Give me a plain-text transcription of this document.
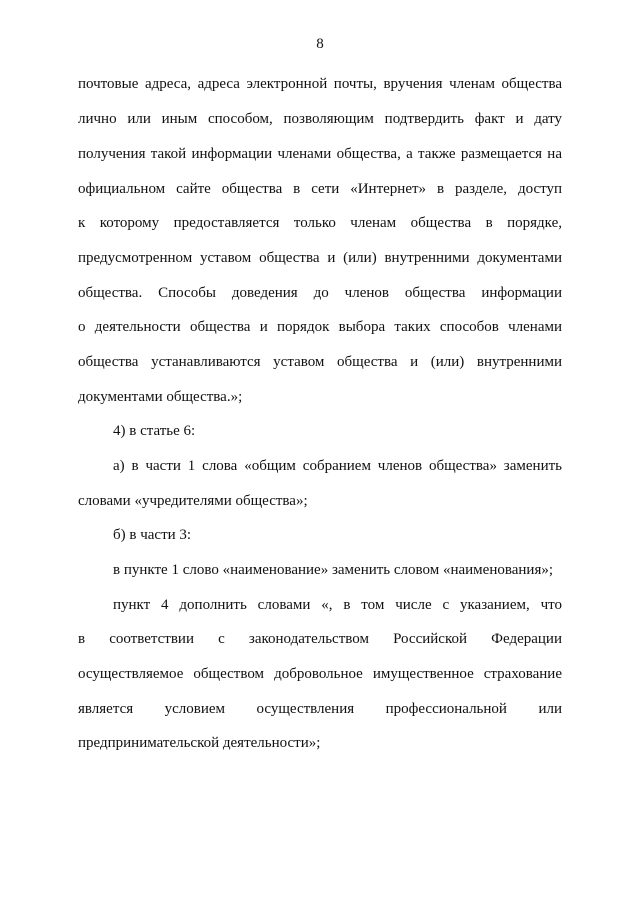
8
почтовые адреса, адреса электронной почты, вручения членам общества
лично или иным способом, позволяющим подтвердить факт и дату
получения такой информации членами общества, а также размещается на
официальном сайте общества в сети «Интернет» в разделе, доступ
к которому предоставляется только членам общества в порядке,
предусмотренном уставом общества и (или) внутренними документами
общества. Способы доведения до членов общества информации
о деятельности общества и порядок выбора таких способов членами
общества устанавливаются уставом общества и (или) внутренними
документами общества.»;
4) в статье 6:
а) в части 1 слова «общим собранием членов общества» заменить
словами «учредителями общества»;
б) в части 3:
в пункте 1 слово «наименование» заменить словом «наименования»;
пункт 4 дополнить словами «, в том числе с указанием, что
в соответствии с законодательством Российской Федерации
осуществляемое обществом добровольное имущественное страхование
является условием осуществления профессиональной или
предпринимательской деятельности»;
